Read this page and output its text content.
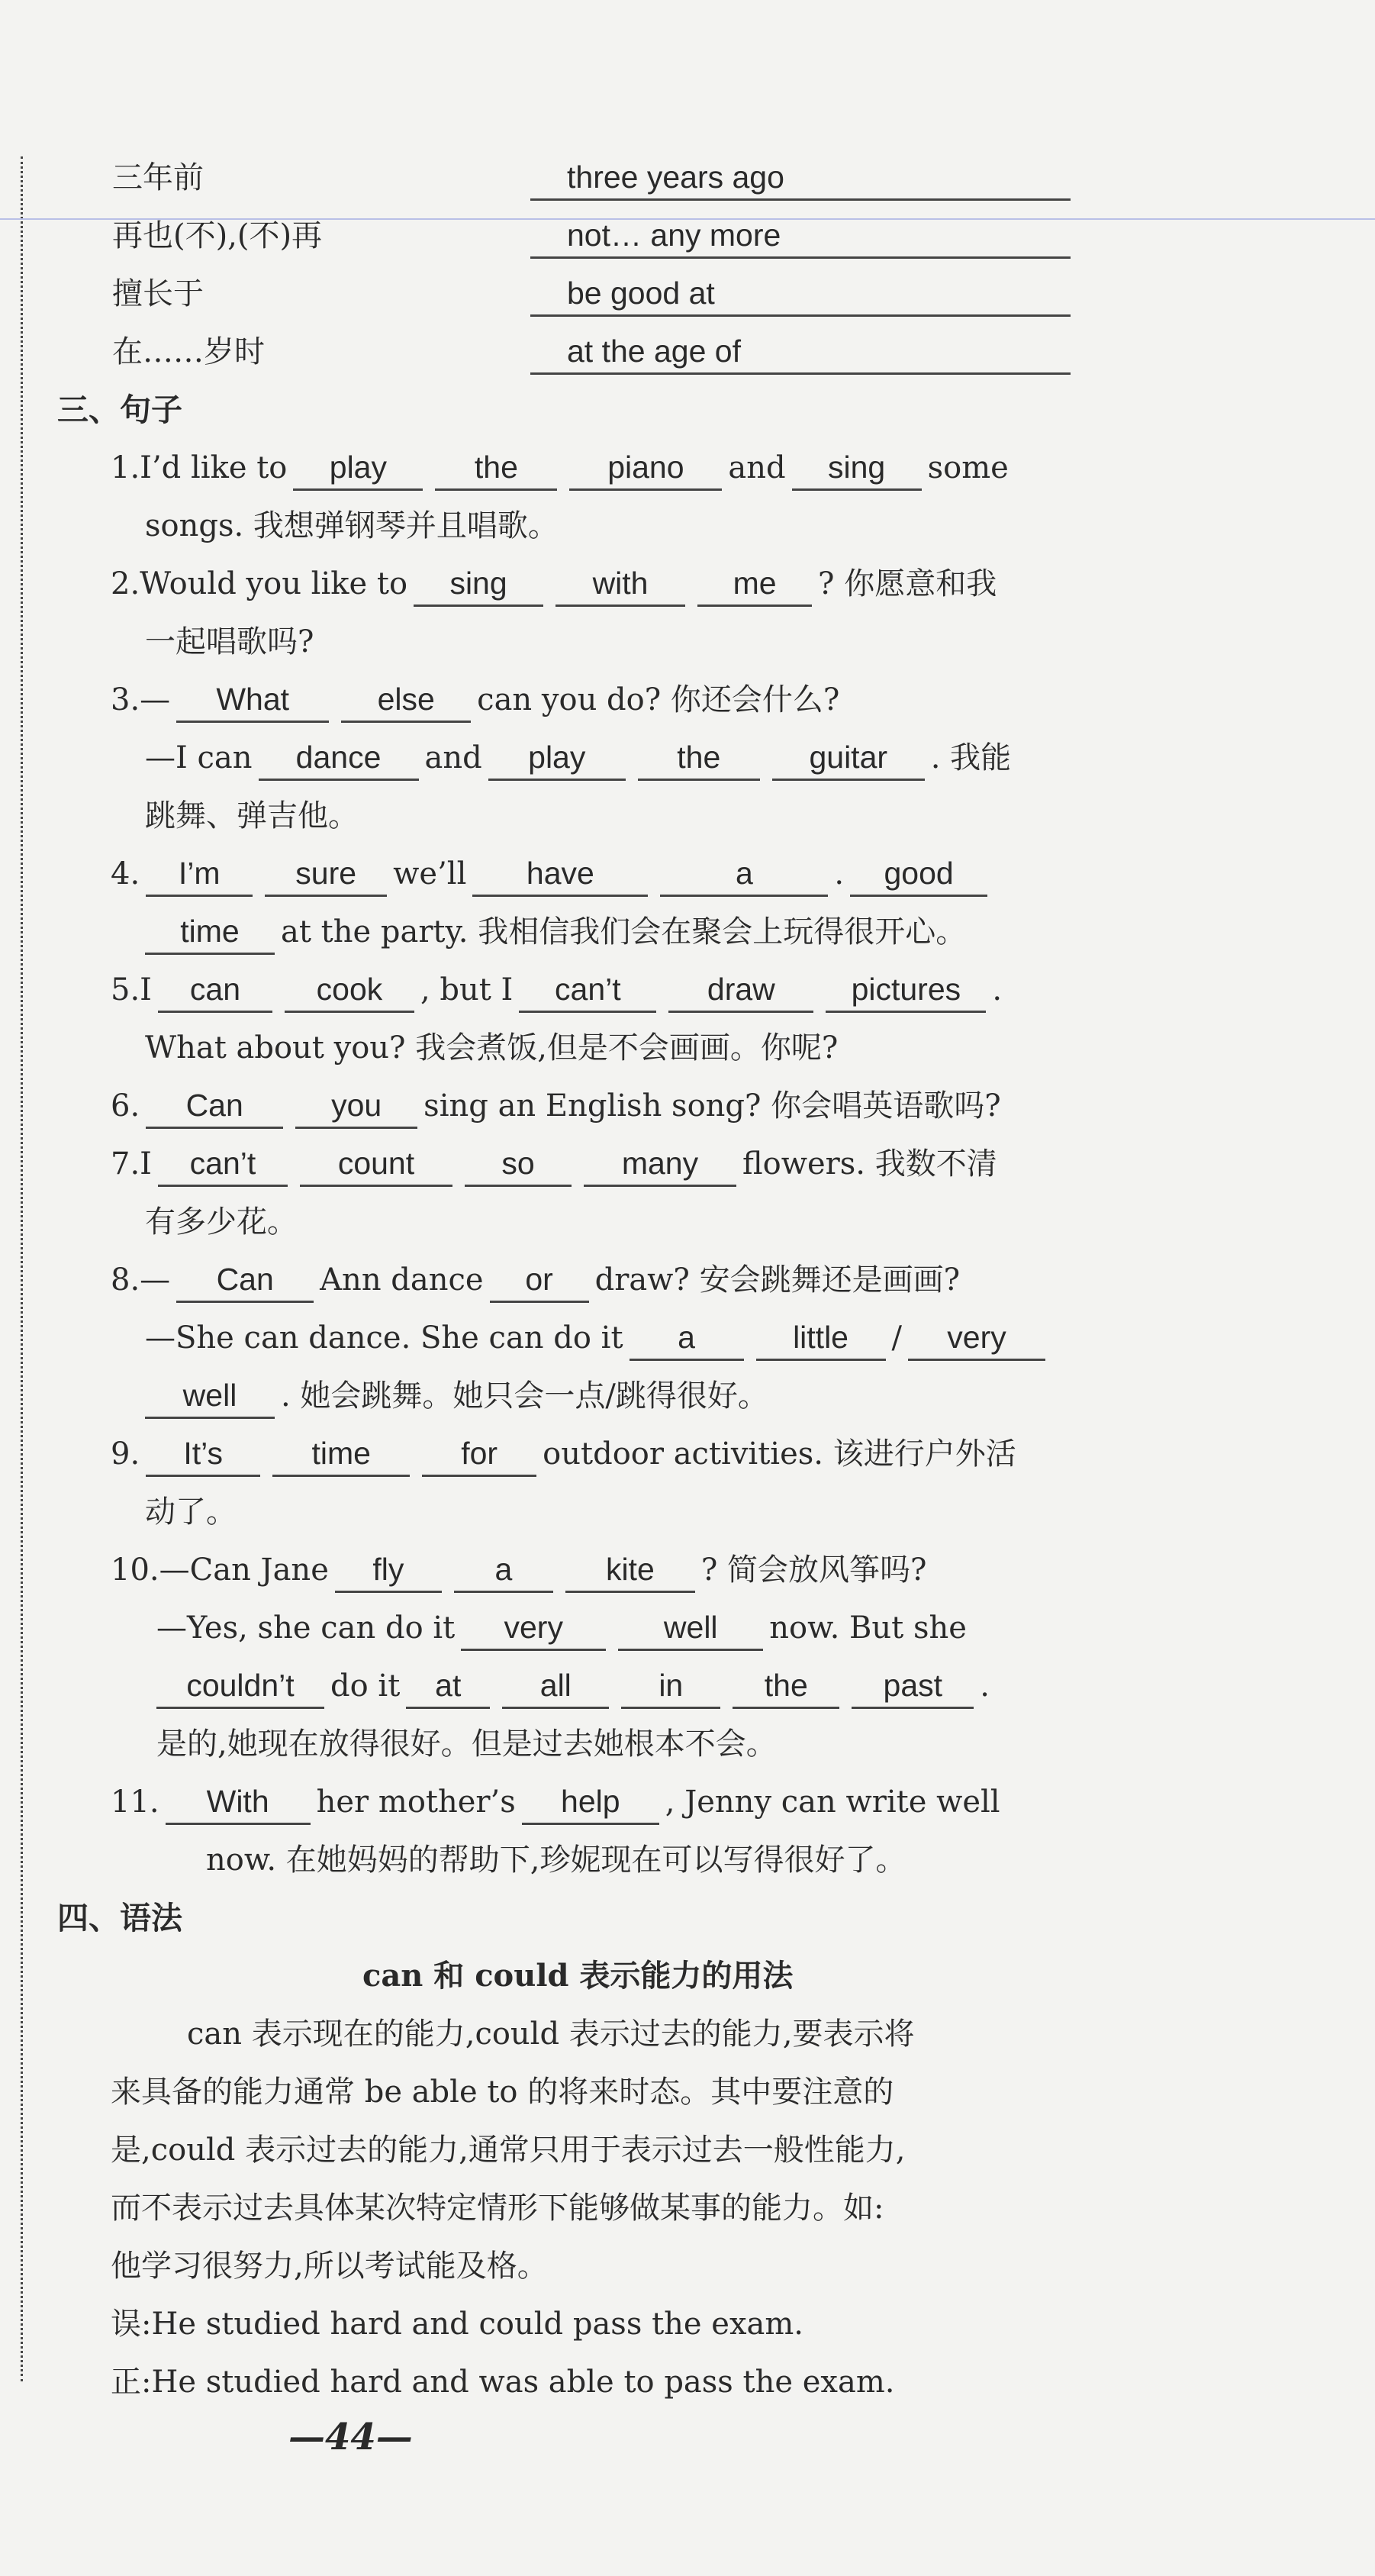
三年前	three years ago
再也(不),(不)再	not… any more
擅长于	be good at
在……岁时	at the age of
三、句子
1.I’d like to play	the	piano and sing some
songs. 我想弹钢琴并且唱歌。
2.Would you like to sing	with	me ? 你愿意和我
一起唱歌吗?
3.— What	else can you do? 你还会什么?
—I can dance and play	the	guitar . 我能
跳舞、弹吉他。
4. I’m sure we’ll have	a	. good
time at the party. 我相信我们会在聚会上玩得很开心。
5.I can cook , but I can’t	draw pictures .
What about you? 我会煮饭,但是不会画画。你呢?
6. Can	you sing an English song? 你会唱英语歌吗?
7.I can’t	count	so	many flowers. 我数不清
有多少花。
8.— Can Ann dance or draw? 安会跳舞还是画画?
—She can dance. She can do it a	little / very
well . 她会跳舞。她只会一点/跳得很好。
9. It’s	time	for outdoor activities. 该进行户外活
动了。
10.—Can Jane fly	a	kite ? 简会放风筝吗?
—Yes, she can do it very	well now. But she
couldn’t do it at	all	in	the past .
是的,她现在放得很好。但是过去她根本不会。
11. With her mother’s help , Jenny can write well
now. 在她妈妈的帮助下,珍妮现在可以写得很好了。
四、语法
can 和 could 表示能力的用法
can 表示现在的能力,could 表示过去的能力,要表示将
来具备的能力通常 be able to 的将来时态。其中要注意的
是,could 表示过去的能力,通常只用于表示过去一般性能力,
而不表示过去具体某次特定情形下能够做某事的能力。如:
他学习很努力,所以考试能及格。
误:He studied hard and could pass the exam.
正:He studied hard and was able to pass the exam.
—44—
